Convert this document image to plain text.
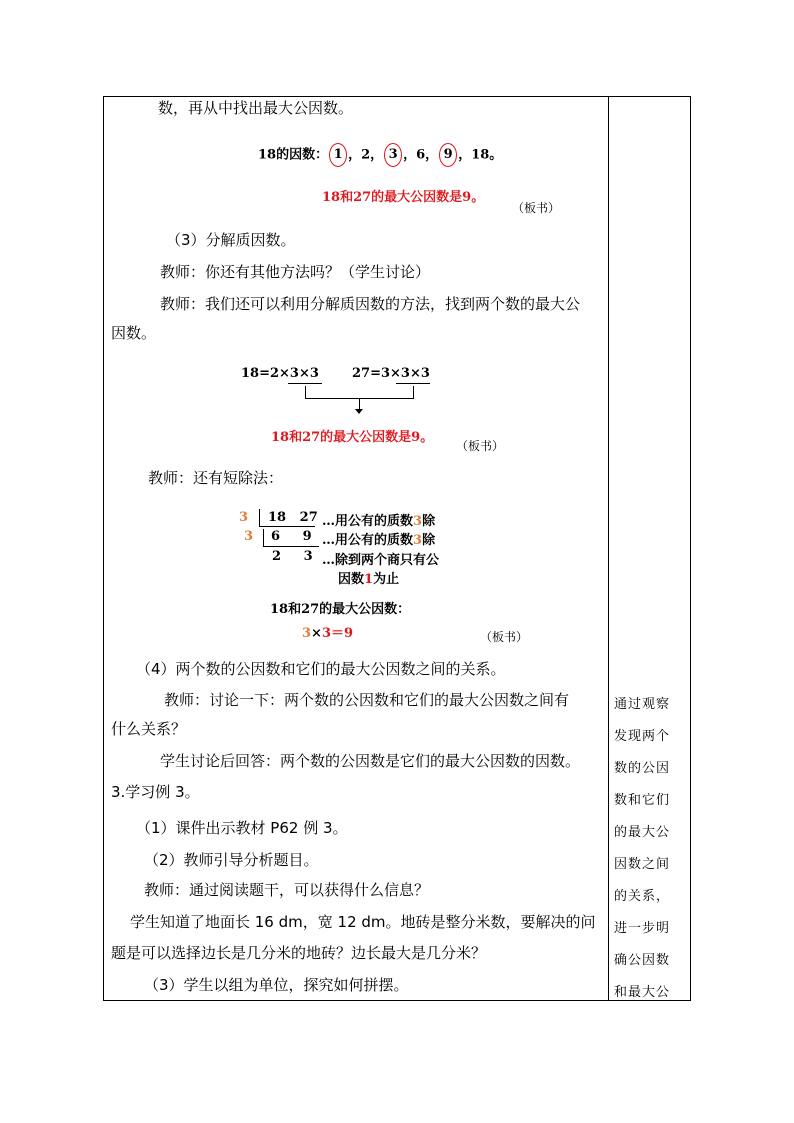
数，再从中找出最大公因数。
18的因数： 1 ，2， 3 ，6， 9 ，18。
18和27的最大公因数是9。
（板书）
（3）分解质因数。
教师：你还有其他方法吗？（学生讨论）
教师：我们还可以利用分解质因数的方法，找到两个数的最大公
因数。
18=2×3×3	27=3×3×3
18和27的最大公因数是9。
（板书）
教师：还有短除法：
3
3
18   27
6     9
2     3
…用公有的质数3除
…用公有的质数3除
…除到两个商只有公
因数1为止
18和27的最大公因数：
3×3＝9	（板书）
（4）两个数的公因数和它们的最大公因数之间的关系。
教师：讨论一下：两个数的公因数和它们的最大公因数之间有
什么关系？
学生讨论后回答：两个数的公因数是它们的最大公因数的因数。
3.学习例 3。
（1）课件出示教材 P62 例 3。
（2）教师引导分析题目。
教师：通过阅读题干，可以获得什么信息？
学生知道了地面长 16 dm，宽 12 dm。地砖是整分米数，要解决的问
题是可以选择边长是几分米的地砖？边长最大是几分米？
（3）学生以组为单位，探究如何拼摆。
通过观察
发现两个
数的公因
数和它们
的最大公
因数之间
的关系，
进一步明
确公因数
和最大公
